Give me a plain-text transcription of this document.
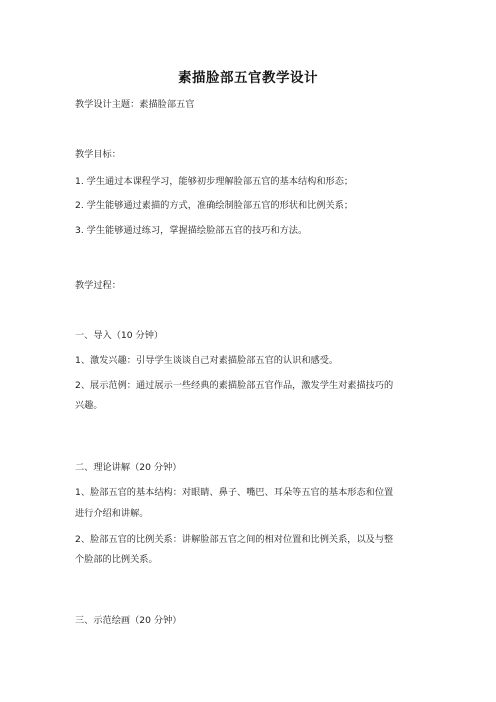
素描脸部五官教学设计
教学设计主题：素描脸部五官
教学目标：
1. 学生通过本课程学习，能够初步理解脸部五官的基本结构和形态；
2. 学生能够通过素描的方式，准确绘制脸部五官的形状和比例关系；
3. 学生能够通过练习，掌握描绘脸部五官的技巧和方法。
教学过程：
一、导入（10 分钟）
1、激发兴趣：引导学生谈谈自己对素描脸部五官的认识和感受。
2、展示范例：通过展示一些经典的素描脸部五官作品，激发学生对素描技巧的
兴趣。
二、理论讲解（20 分钟）
1、脸部五官的基本结构：对眼睛、鼻子、嘴巴、耳朵等五官的基本形态和位置
进行介绍和讲解。
2、脸部五官的比例关系：讲解脸部五官之间的相对位置和比例关系，以及与整
个脸部的比例关系。
三、示范绘画（20 分钟）
